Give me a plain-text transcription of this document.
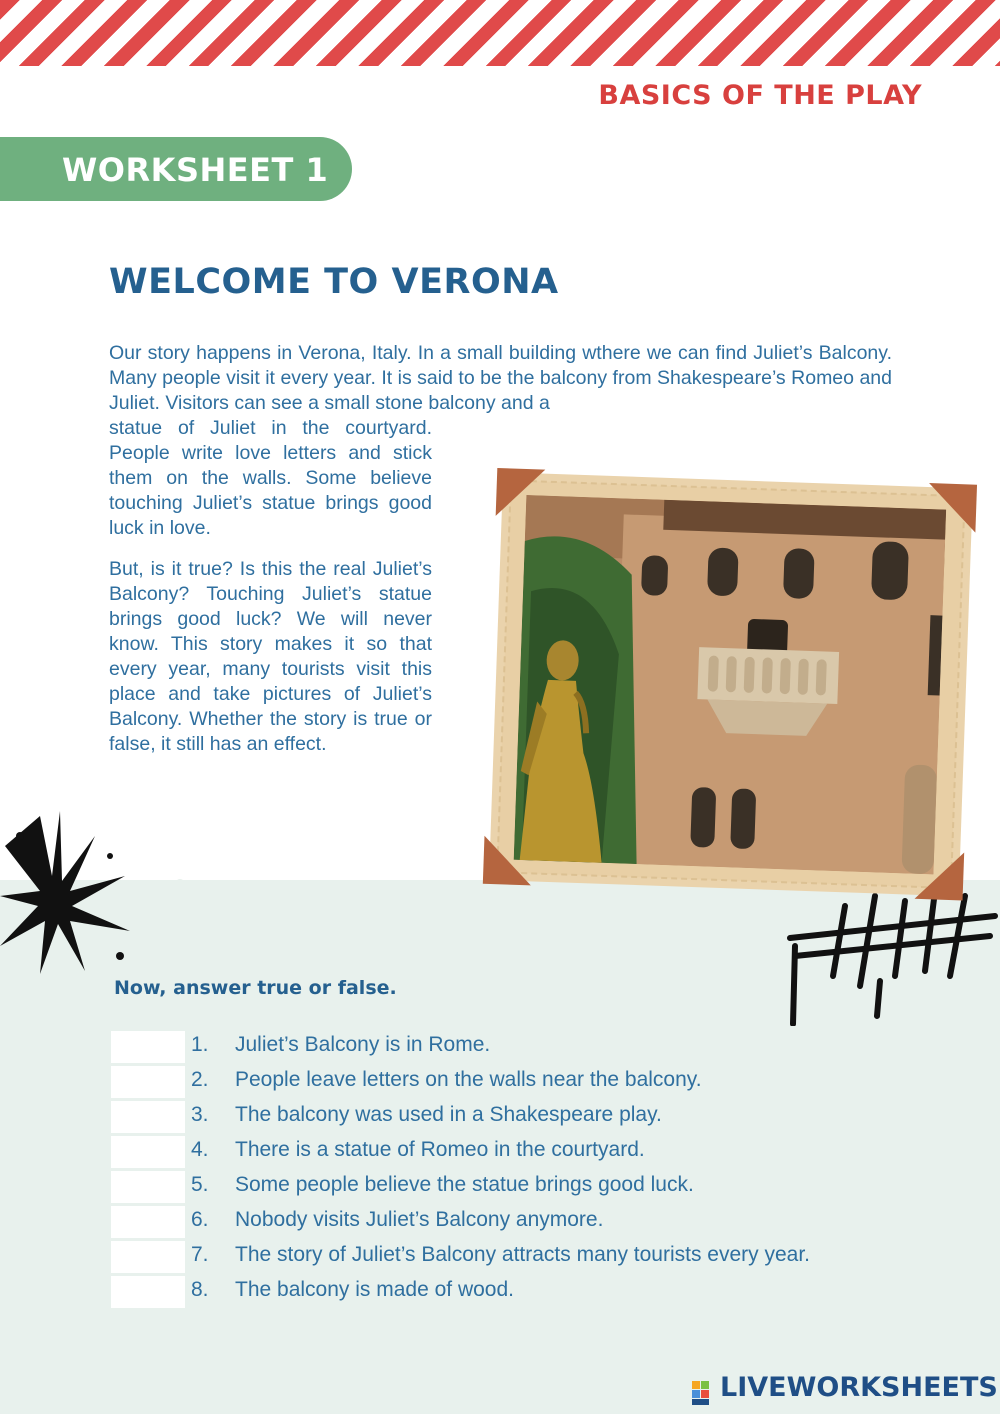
BASICS OF THE PLAY
WORKSHEET 1
WELCOME TO VERONA
Our story happens in Verona, Italy. In a small building wthere we can find Juliet’s Balcony. Many people visit it every year. It is said to be the balcony from Shakespeare’s Romeo and Juliet. Visitors can see a small stone balcony and a

statue of Juliet in the courtyard. People write love letters and stick them on the walls. Some believe touching Juliet’s statue brings good luck in love.

But, is it true? Is this the real Juliet’s Balcony? Touching Juliet’s statue brings good luck? We will never know. This story makes it so that every year, many tourists visit this place and take pictures of Juliet’s Balcony. Whether the story is true or false, it still has an effect.

Now, answer true or false.
1. Juliet’s Balcony is in Rome.
2. People leave letters on the walls near the balcony.
3. The balcony was used in a Shakespeare play.
4. There is a statue of Romeo in the courtyard.
5. Some people believe the statue brings good luck.
6. Nobody visits Juliet’s Balcony anymore.
7. The story of Juliet’s Balcony attracts many tourists every year.
8. The balcony is made of wood.
LIVEWORKSHEETS
